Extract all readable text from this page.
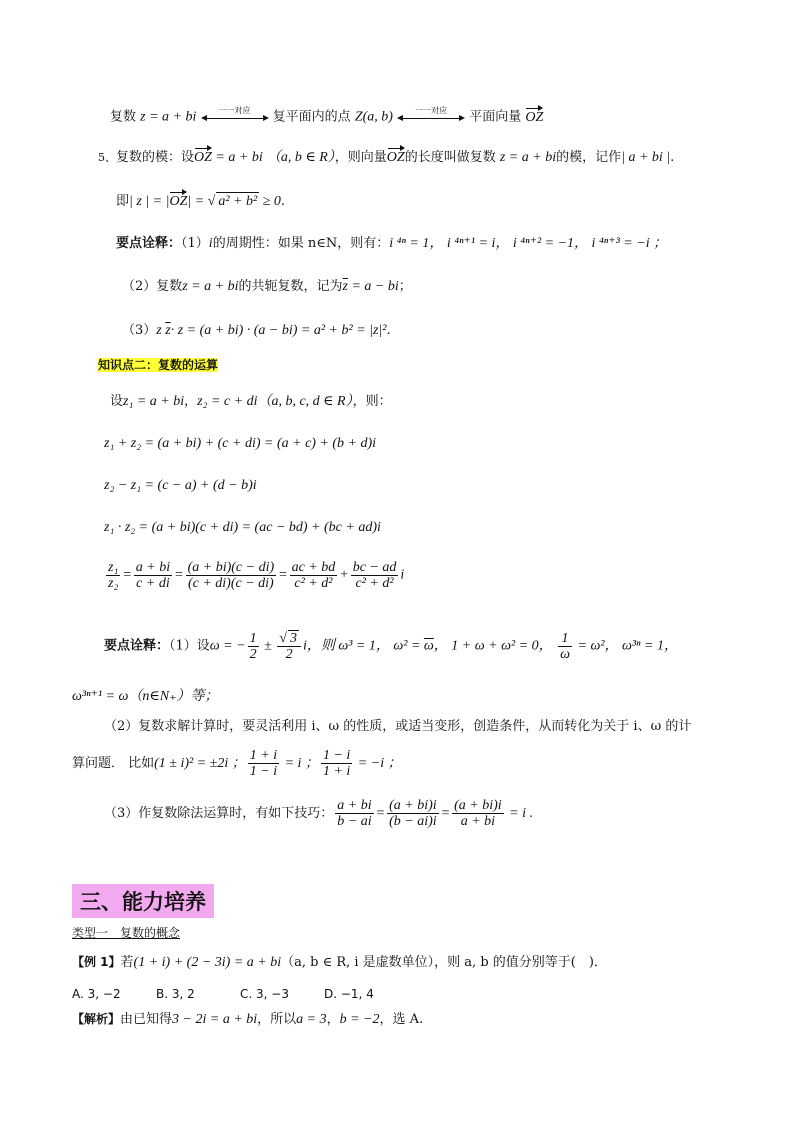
复数 z = a + bi	一一对应	复平面内的点 Z(a, b)	一一对应	平面向量 OZ
5、复数的模：设OZ = a + bi （a, b ∈ R），则向量OZ的长度叫做复数 z = a + bi的模，记作| a + bi |.
即| z | = |OZ| = √ a² + b² ≥ 0.
要点诠释：（1）i的周期性：如果 n∈N，则有：i ⁴ⁿ = 1， i ⁴ⁿ⁺¹ = i， i ⁴ⁿ⁺² = −1， i ⁴ⁿ⁺³ = −i ；
（2）复数z = a + bi的共轭复数，记为$\overline{z} = a$ − bi；
（3）z $\overline{z}\cdot z = (a + bi) \cdot (a - bi) = a^2 + b^2 = |z|^2$.
知识点二：复数的运算
设z₁ = a + bi，z₂ = c + di（a, b, c, d ∈ R），则：
z₁ + z₂ = (a + bi) + (c + di) = (a + c) + (b + d)i
z₂ − z₁ = (c − a) + (d − b)i
z₁ · z₂ = (a + bi)(c + di) = (ac − bd) + (bc + ad)i
$\frac{\text{z₁}}{\text{z₂}} = \frac{a + bi}{c + di} = \frac{(a + bi)(c - di)}{(c + di)(c - di)} = \frac{ac + bd}{\text{c² + d²}} + \frac{bc - ad}{\text{c² + d²}}$ i
要点诠释：（1）设ω = − $\frac{1}{2} \pm \frac{√ 3}{2}$ i，则 ω³ = 1， $\omega^2 = \overline{\omega}$， 1 + ω + ω² = 0， $\frac{1}{\omega} = \omega^2$， ω³ⁿ = 1，
ω³ⁿ⁺¹ = ω（n∈N₊）等；
（2）复数求解计算时，要灵活利用 i、ω 的性质，或适当变形，创造条件，从而转化为关于 i、ω 的计
算问题． 比如(1 ± i)² = ±2i ； $\frac{1 + i}{1 - i} = i$ ； $\frac{1 - i}{1 + i} = -i$ ；
（3）作复数除法运算时，有如下技巧： $\frac{a + bi}{b - ai} = \frac{(a + bi)i}{(b - ai)i} = \frac{(a + bi)i}{a + bi} = i$ .
三、能力培养
类型一　复数的概念
【例 1】若(1 + i) + (2 − 3i) = a + bi（a, b ∈ R, i 是虚数单位），则 a, b 的值分别等于(　)．
A. 3, −2	B. 3, 2	C. 3, −3	D. −1, 4
【解析】由已知得3 − 2i = a + bi，所以a = 3，b = −2，选 A.
